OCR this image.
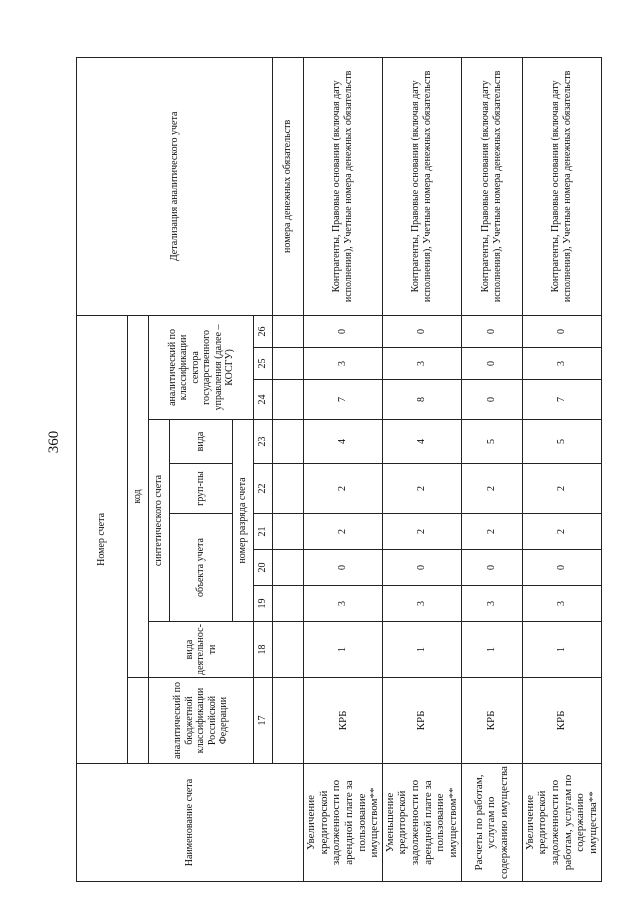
360
Наименование счета	Номер счета										Детализация аналитического учета
		код									
	аналитический по бюджетной классификации Российской Федерации	вида деятельнос-ти	синтетического счета					аналитический по классификации сектора государственного управления (далее – КОСГУ)			
			объекта учета			груп-пы	вида				
			номер разряда счета								
	17	18	19	20	21	22	23	24	25	26	
											номера денежных обязательств
Увеличение кредиторской задолженности по арендной плате за пользование имуществом**	КРБ	1	3	0	2	2	4	7	3	0	Контрагенты, Правовые основания (включая дату исполнения), Учетные номера денежных обязательств
Уменьшение кредиторской задолженности по арендной плате за пользование имуществом**	КРБ	1	3	0	2	2	4	8	3	0	Контрагенты, Правовые основания (включая дату исполнения), Учетные номера денежных обязательств
Расчеты по работам, услугам по содержанию имущества	КРБ	1	3	0	2	2	5	0	0	0	Контрагенты, Правовые основания (включая дату исполнения), Учетные номера денежных обязательств
Увеличение кредиторской задолженности по работам, услугам по содержанию имущества**	КРБ	1	3	0	2	2	5	7	3	0	Контрагенты, Правовые основания (включая дату исполнения), Учетные номера денежных обязательств
